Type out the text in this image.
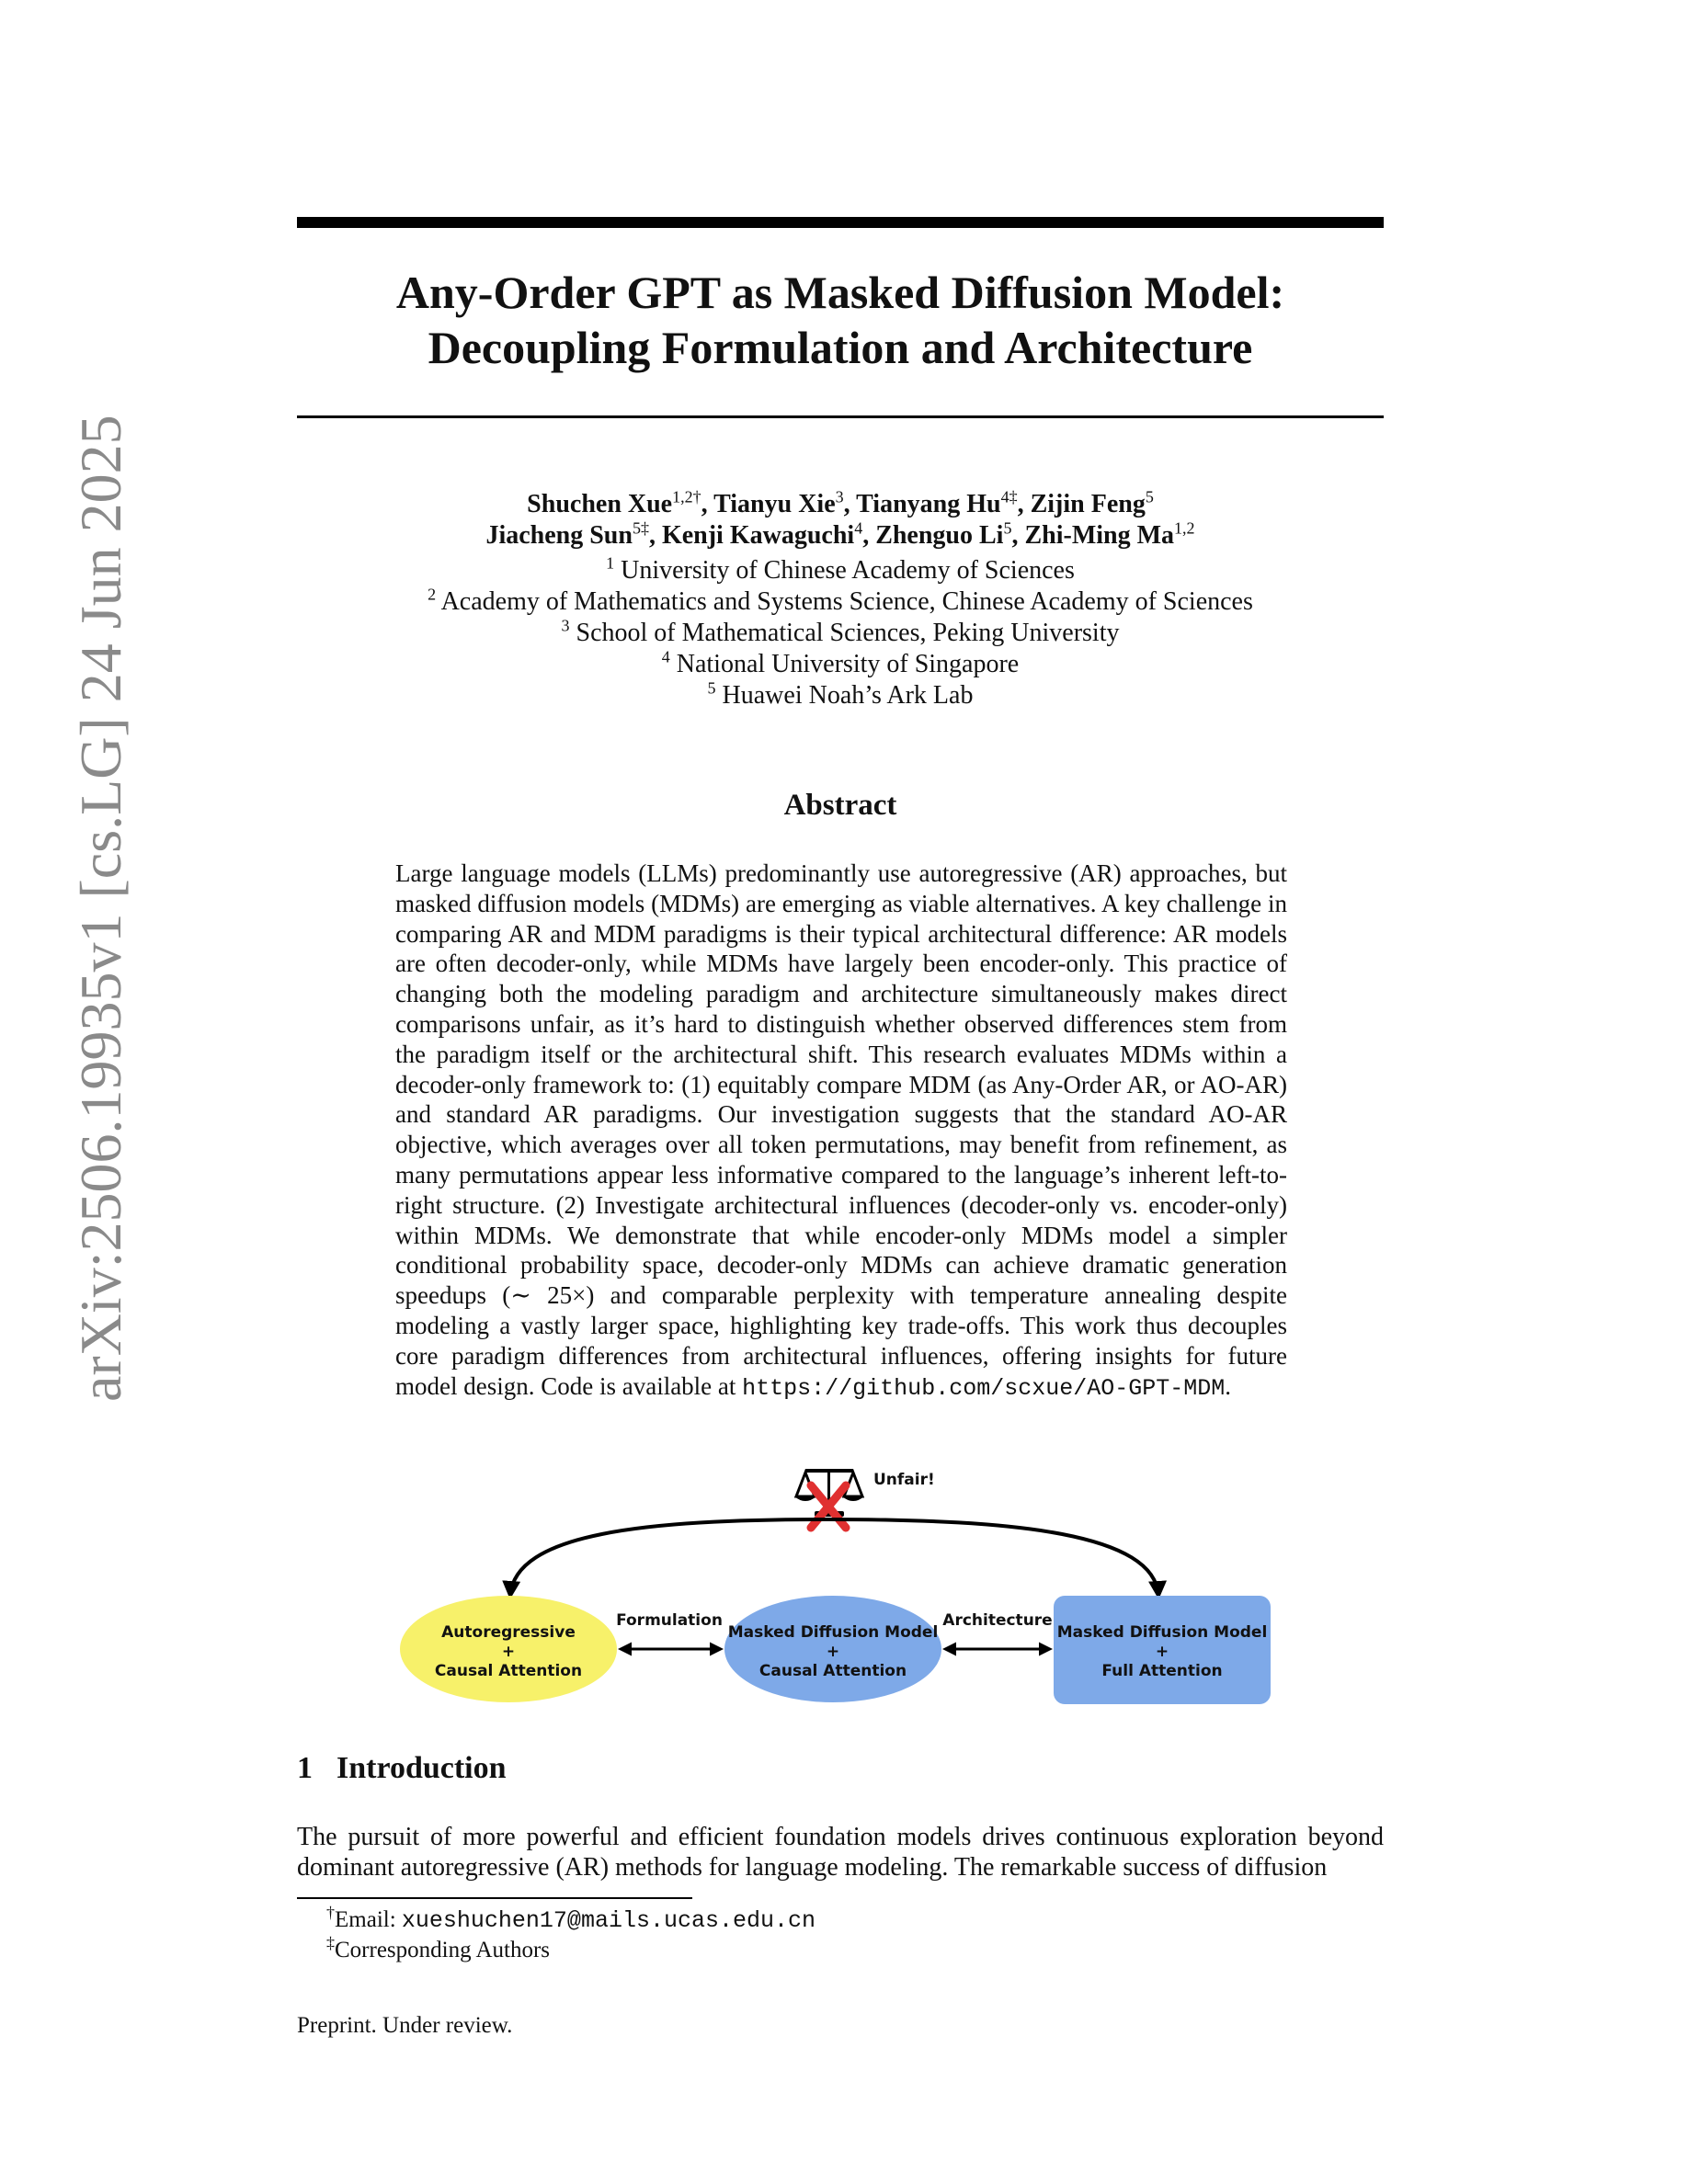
arXiv:2506.19935v1 [cs.LG] 24 Jun 2025
Any-Order GPT as Masked Diffusion Model:
Decoupling Formulation and Architecture
Shuchen Xue$^{1,2\dagger}$, Tianyu Xie$^3$, Tianyang $Hu^{4\ddagger}$, Zijin Feng$^5$
Jiacheng Sun$^{5\ddagger}$, Kenji Kawaguchi$^4$, Zhenguo Li$^5$, Zhi-Ming Ma$^{1,2}$
$^1$ University of Chinese Academy of Sciences
$^2$ Academy of Mathematics and Systems Science, Chinese Academy of Sciences
$^3$ School of Mathematical Sciences, Peking University
$^4$ National University of Singapore
$^5$ Huawei Noah’s Ark Lab
Abstract
Large language models (LLMs) predominantly use autoregressive (AR) approaches, but masked diffusion models (MDMs) are emerging as viable alternatives. A key challenge in comparing AR and MDM paradigms is their typical architectural difference: AR models are often decoder-only, while MDMs have largely been encoder-only. This practice of changing both the modeling paradigm and architecture simultaneously makes direct comparisons unfair, as it’s hard to distinguish whether observed differences stem from the paradigm itself or the architectural shift. This research evaluates MDMs within a decoder-only framework to: (1) equitably compare MDM (as Any-Order AR, or AO-AR) and standard AR paradigms. Our investigation suggests that the standard AO-AR objective, which averages over all token permutations, may benefit from refinement, as many permutations appear less informative compared to the language’s inherent left-to-right structure. (2) Investigate architectural influences (decoder-only vs. encoder-only) within MDMs. We demonstrate that while encoder-only MDMs model a simpler conditional probability space, decoder-only MDMs can achieve dramatic generation speedups (∼ 25×) and comparable perplexity with temperature annealing despite modeling a vastly larger space, highlighting key trade-offs. This work thus decouples core paradigm differences from architectural influences, offering insights for future model design. Code is available at https://github.com/scxue/AO-GPT-MDM.
Unfair!
Autoregressive
+
Causal Attention
Masked Diffusion Model
+
Causal Attention
Masked Diffusion Model
+
Full Attention
Formulation	Architecture
1 Introduction
The pursuit of more powerful and efficient foundation models drives continuous exploration beyond dominant autoregressive (AR) methods for language modeling. The remarkable success of diffusion
†Email: xueshuchen17@mails.ucas.edu.cn
‡Corresponding Authors
Preprint. Under review.
